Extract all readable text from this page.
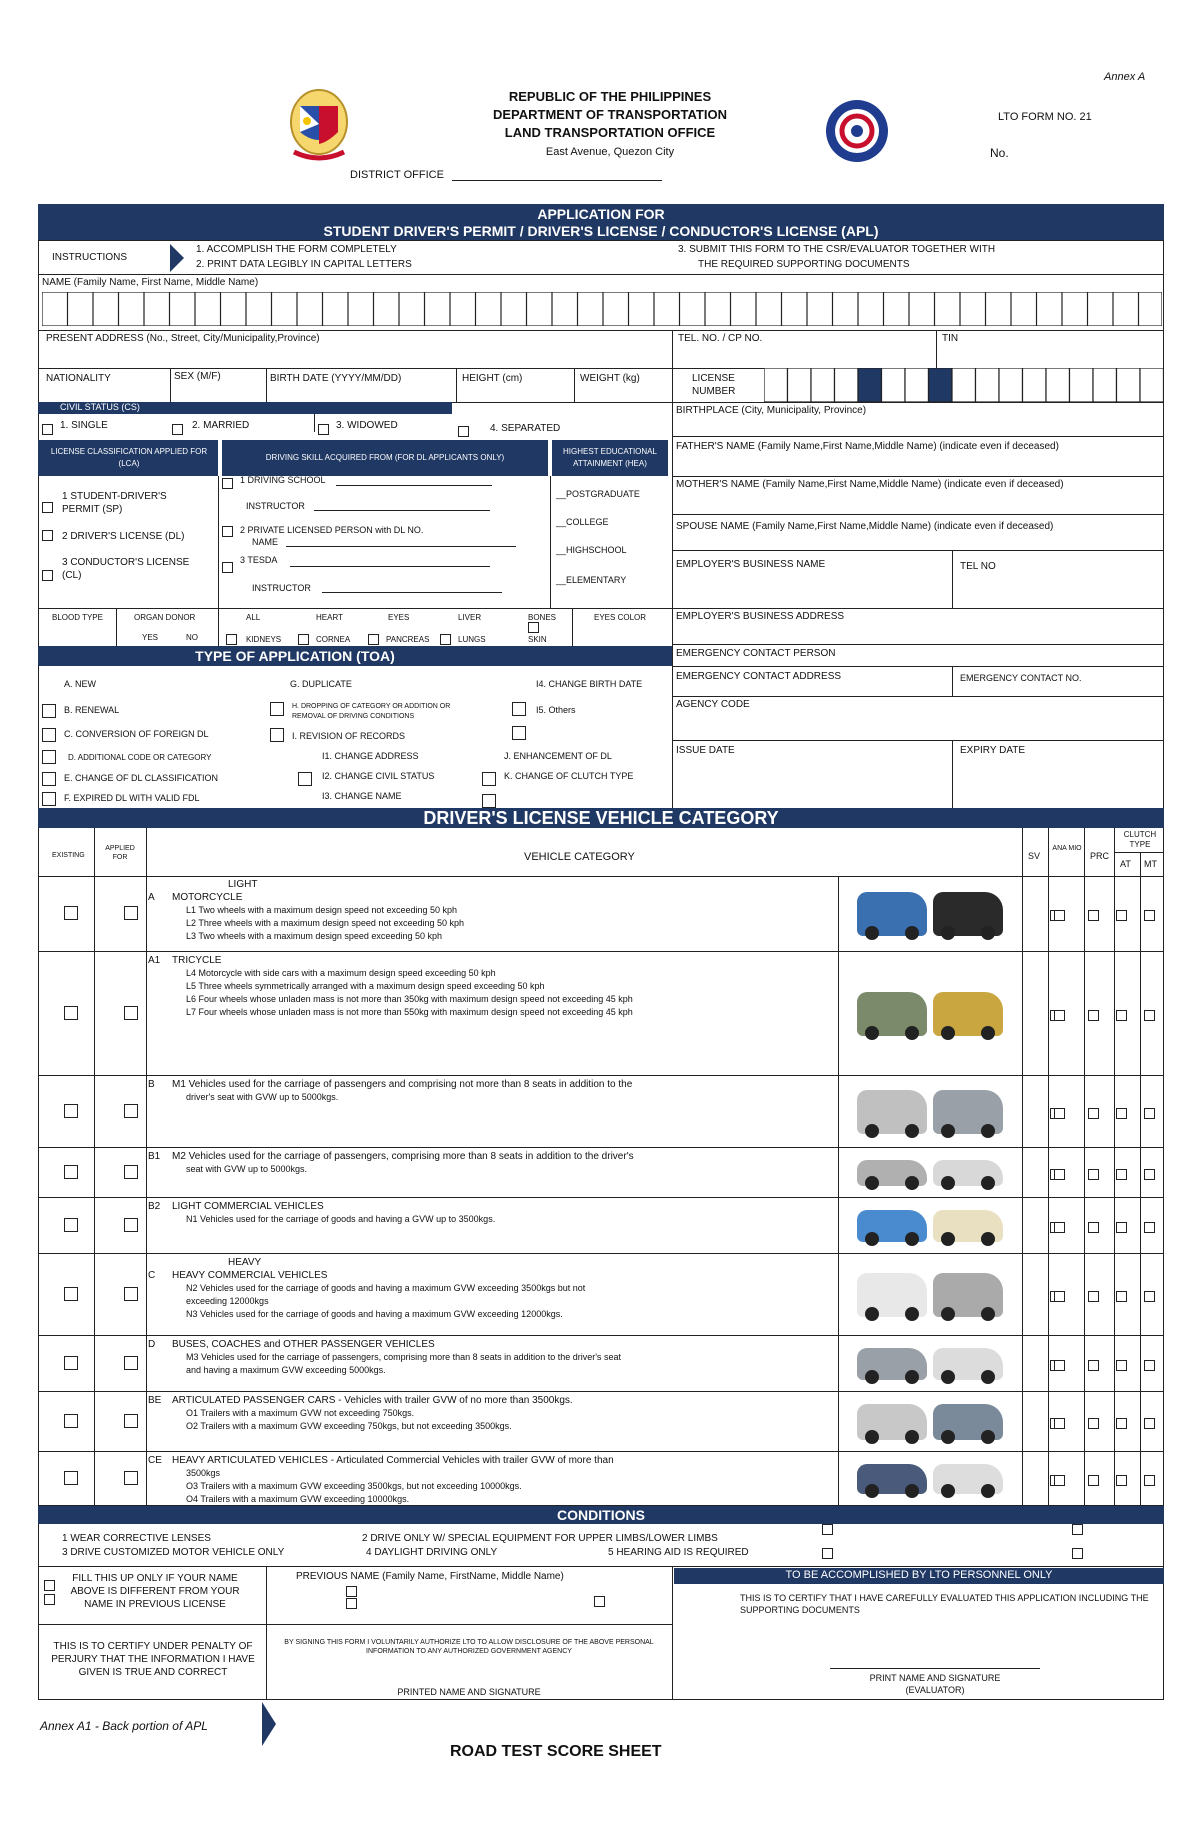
Annex A
REPUBLIC OF THE PHILIPPINES
DEPARTMENT OF TRANSPORTATION
LAND TRANSPORTATION OFFICE
East Avenue, Quezon City
LTO FORM NO. 21
No.
DISTRICT OFFICE
APPLICATION FOR
STUDENT DRIVER'S PERMIT / DRIVER'S LICENSE / CONDUCTOR'S LICENSE (APL)
INSTRUCTIONS
1. ACCOMPLISH THE FORM COMPLETELY
2. PRINT DATA LEGIBLY IN CAPITAL LETTERS
3. SUBMIT THIS FORM TO THE CSR/EVALUATOR TOGETHER WITH
THE REQUIRED SUPPORTING DOCUMENTS
NAME (Family Name, First Name, Middle Name)
PRESENT ADDRESS (No., Street, City/Municipality,Province)	TEL. NO. / CP NO.	TIN
NATIONALITY	SEX (M/F)	BIRTH DATE (YYYY/MM/DD)	HEIGHT (cm)	WEIGHT (kg)	LICENSE NUMBER
CIVIL STATUS (CS)
1. SINGLE	2. MARRIED	3. WIDOWED	4. SEPARATED
BIRTHPLACE (City, Municipality, Province)
LICENSE CLASSIFICATION APPLIED FOR (LCA)
DRIVING SKILL ACQUIRED FROM (FOR DL APPLICANTS ONLY)
HIGHEST EDUCATIONAL ATTAINMENT (HEA)
1 STUDENT-DRIVER'S PERMIT (SP)
2 DRIVER'S LICENSE (DL)
3 CONDUCTOR'S LICENSE (CL)
1 DRIVING SCHOOL
INSTRUCTOR
2 PRIVATE LICENSED PERSON with DL NO.
NAME
3 TESDA
INSTRUCTOR
__POSTGRADUATE
__COLLEGE
__HIGHSCHOOL
__ELEMENTARY
FATHER'S NAME (Family Name,First Name,Middle Name) (indicate even if deceased)
MOTHER'S NAME (Family Name,First Name,Middle Name) (indicate even if deceased)
SPOUSE NAME (Family Name,First Name,Middle Name) (indicate even if deceased)
EMPLOYER'S BUSINESS NAME	TEL NO
BLOOD TYPE	ORGAN DONOR
YES	NO
ALL	HEART	EYES	LIVER	BONES
KIDNEYS	CORNEA	PANCREAS	LUNGS	SKIN
EYES COLOR	EMPLOYER'S BUSINESS ADDRESS
TYPE OF APPLICATION (TOA)	EMERGENCY CONTACT PERSON
EMERGENCY CONTACT ADDRESS	EMERGENCY CONTACT NO.
AGENCY CODE
ISSUE DATE	EXPIRY DATE
A. NEW
B. RENEWAL
C. CONVERSION OF FOREIGN DL
D. ADDITIONAL CODE OR CATEGORY
E. CHANGE OF DL CLASSIFICATION
F. EXPIRED DL WITH VALID FDL
G. DUPLICATE
H. DROPPING OF CATEGORY OR ADDITION OR REMOVAL OF DRIVING CONDITIONS
I. REVISION OF RECORDS
I1. CHANGE ADDRESS
I2. CHANGE CIVIL STATUS
I3. CHANGE NAME
I4. CHANGE BIRTH DATE
I5. Others
J. ENHANCEMENT OF DL
K. CHANGE OF CLUTCH TYPE
DRIVER'S LICENSE VEHICLE CATEGORY
EXISTING
APPLIED FOR	VEHICLE CATEGORY	SV
ANA MIO
PRC
CLUTCH TYPE
AT MT
LIGHT
A MOTORCYCLE
L1 Two wheels with a maximum design speed not exceeding 50 kph
L2 Three wheels with a maximum design speed not exceeding 50 kph
L3 Two wheels with a maximum design speed exceeding 50 kph
A1 TRICYCLE
L4 Motorcycle with side cars with a maximum design speed exceeding 50 kph
L5 Three wheels symmetrically arranged with a maximum design speed exceeding 50 kph
L6 Four wheels whose unladen mass is not more than 350kg with maximum design speed not exceeding 45 kph
L7 Four wheels whose unladen mass is not more than 550kg with maximum design speed not exceeding 45 kph
B M1 Vehicles used for the carriage of passengers and comprising not more than 8 seats in addition to the
driver's seat with GVW up to 5000kgs.
B1 M2 Vehicles used for the carriage of passengers, comprising more than 8 seats in addition to the driver's
seat with GVW up to 5000kgs.
B2 LIGHT COMMERCIAL VEHICLES
N1 Vehicles used for the carriage of goods and having a GVW up to 3500kgs.
HEAVY
C HEAVY COMMERCIAL VEHICLES
N2 Vehicles used for the carriage of goods and having a maximum GVW exceeding 3500kgs but not
exceeding 12000kgs
N3 Vehicles used for the carriage of goods and having a maximum GVW exceeding 12000kgs.
D BUSES, COACHES and OTHER PASSENGER VEHICLES
M3 Vehicles used for the carriage of passengers, comprising more than 8 seats in addition to the driver's seat
and having a maximum GVW exceeding 5000kgs.
BE ARTICULATED PASSENGER CARS - Vehicles with trailer GVW of no more than 3500kgs.
O1 Trailers with a maximum GVW not exceeding 750kgs.
O2 Trailers with a maximum GVW exceeding 750kgs, but not exceeding 3500kgs.
CE HEAVY ARTICULATED VEHICLES - Articulated Commercial Vehicles with trailer GVW of more than
3500kgs
O3 Trailers with a maximum GVW exceeding 3500kgs, but not exceeding 10000kgs.
O4 Trailers with a maximum GVW exceeding 10000kgs.
CONDITIONS
1 WEAR CORRECTIVE LENSES	2 DRIVE ONLY W/ SPECIAL EQUIPMENT FOR UPPER LIMBS/LOWER LIMBS
3 DRIVE CUSTOMIZED MOTOR VEHICLE ONLY	4 DAYLIGHT DRIVING ONLY	5 HEARING AID IS REQUIRED
FILL THIS UP ONLY IF YOUR NAME ABOVE IS DIFFERENT FROM YOUR NAME IN PREVIOUS LICENSE
PREVIOUS NAME (Family Name, FirstName, Middle Name)	TO BE ACCOMPLISHED BY LTO PERSONNEL ONLY
THIS IS TO CERTIFY THAT I HAVE CAREFULLY EVALUATED THIS APPLICATION INCLUDING THE SUPPORTING DOCUMENTS
THIS IS TO CERTIFY UNDER PENALTY OF PERJURY THAT THE INFORMATION I HAVE GIVEN IS TRUE AND CORRECT
BY SIGNING THIS FORM I VOLUNTARILY AUTHORIZE LTO TO ALLOW DISCLOSURE OF THE ABOVE PERSONAL INFORMATION TO ANY AUTHORIZED GOVERNMENT AGENCY
PRINTED NAME AND SIGNATURE
PRINT NAME AND SIGNATURE
(EVALUATOR)
Annex A1 - Back portion of APL
ROAD TEST SCORE SHEET
